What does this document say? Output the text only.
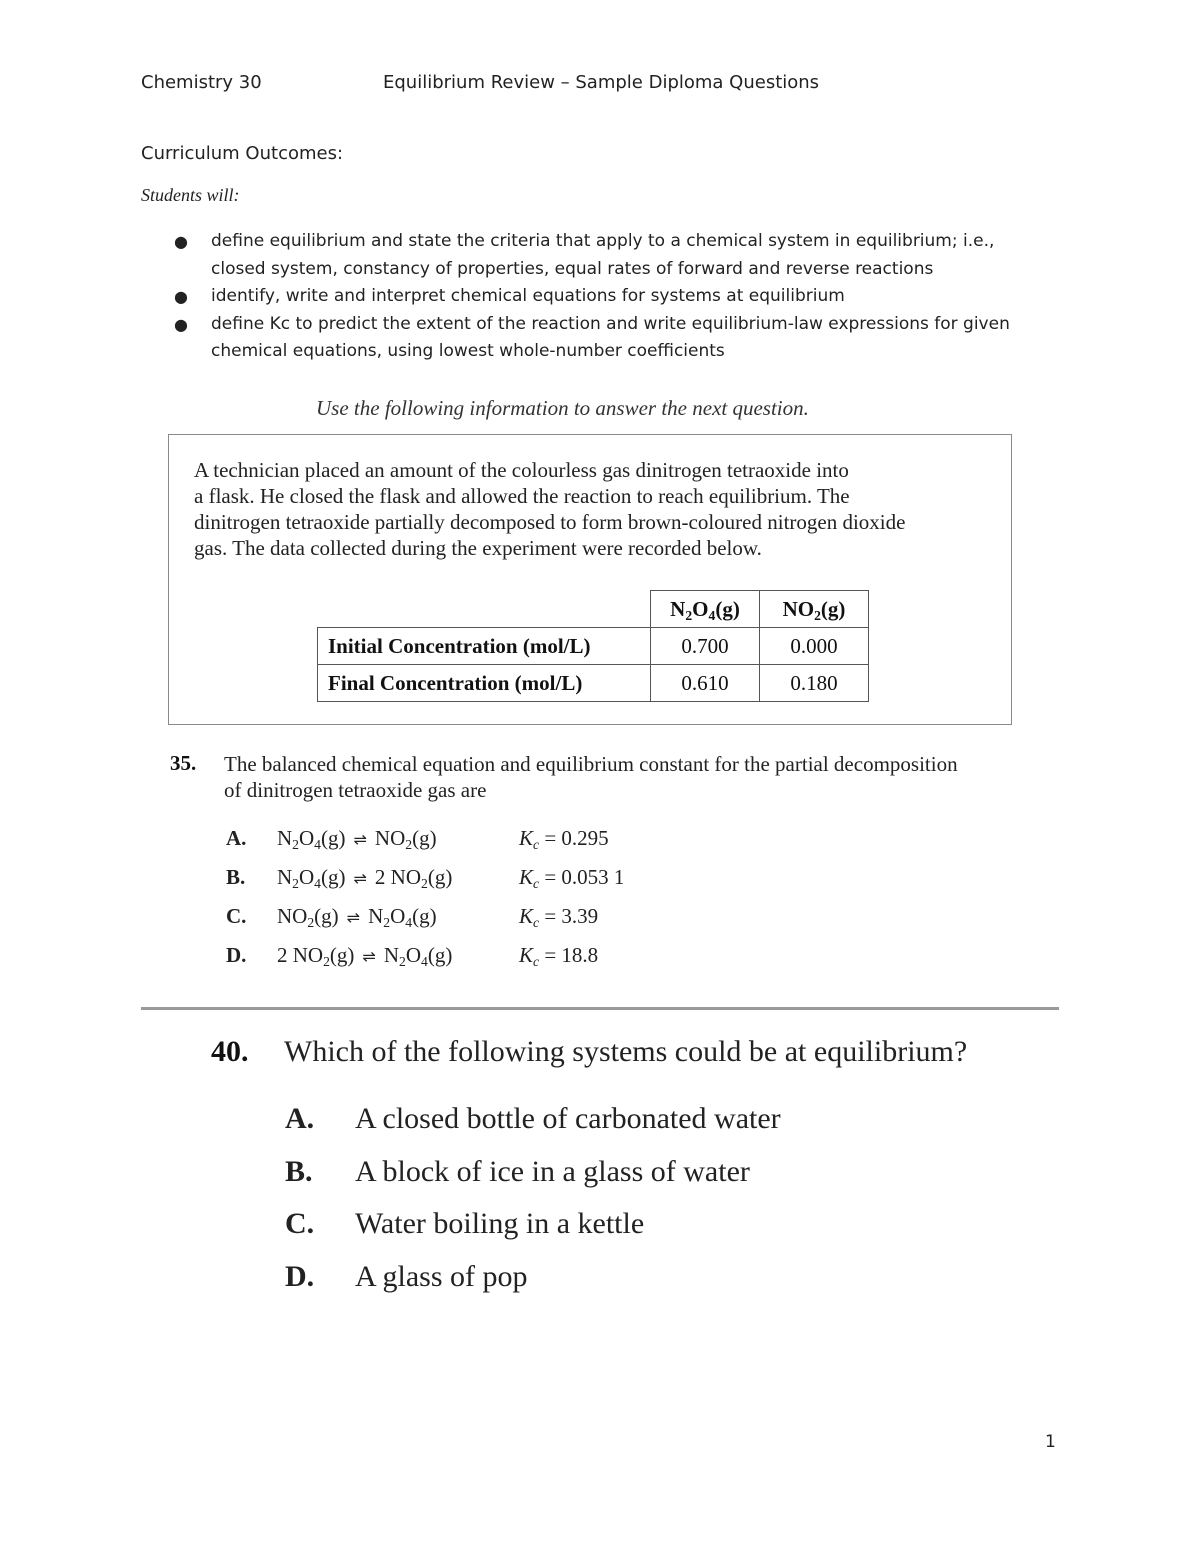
Chemistry 30	Equilibrium Review – Sample Diploma Questions
Curriculum Outcomes:
Students will:
● define equilibrium and state the criteria that apply to a chemical system in equilibrium; i.e.,
closed system, constancy of properties, equal rates of forward and reverse reactions
● identify, write and interpret chemical equations for systems at equilibrium
● define Kc to predict the extent of the reaction and write equilibrium-law expressions for given
chemical equations, using lowest whole-number coefficients
Use the following information to answer the next question.
A technician placed an amount of the colourless gas dinitrogen tetraoxide into
a flask. He closed the flask and allowed the reaction to reach equilibrium. The
dinitrogen tetraoxide partially decomposed to form brown-coloured nitrogen dioxide
gas. The data collected during the experiment were recorded below.
	$N_2O_4(g)$	$NO_2(g)$
Initial Concentration (mol/L)	0.700	0.000
Final Concentration (mol/L)	0.610	0.180
35. The balanced chemical equation and equilibrium constant for the partial decomposition
of dinitrogen tetraoxide gas are
A. $N_2O_4(g)$ ⇌ $NO_2(g)$	$K_c = 0.295$
B. $N_2O_4(g)$ ⇌ 2 $NO_2(g)$	$K_c = 0.053$ 1
C. $NO_2(g)$ ⇌ $N_2O_4(g)$	$K_c = 3.39$
D. 2 $NO_2(g)$ ⇌ $N_2O_4(g)$	$K_c = 18.8$
40. Which of the following systems could be at equilibrium?
A. A closed bottle of carbonated water
B. A block of ice in a glass of water
C. Water boiling in a kettle
D. A glass of pop
1
